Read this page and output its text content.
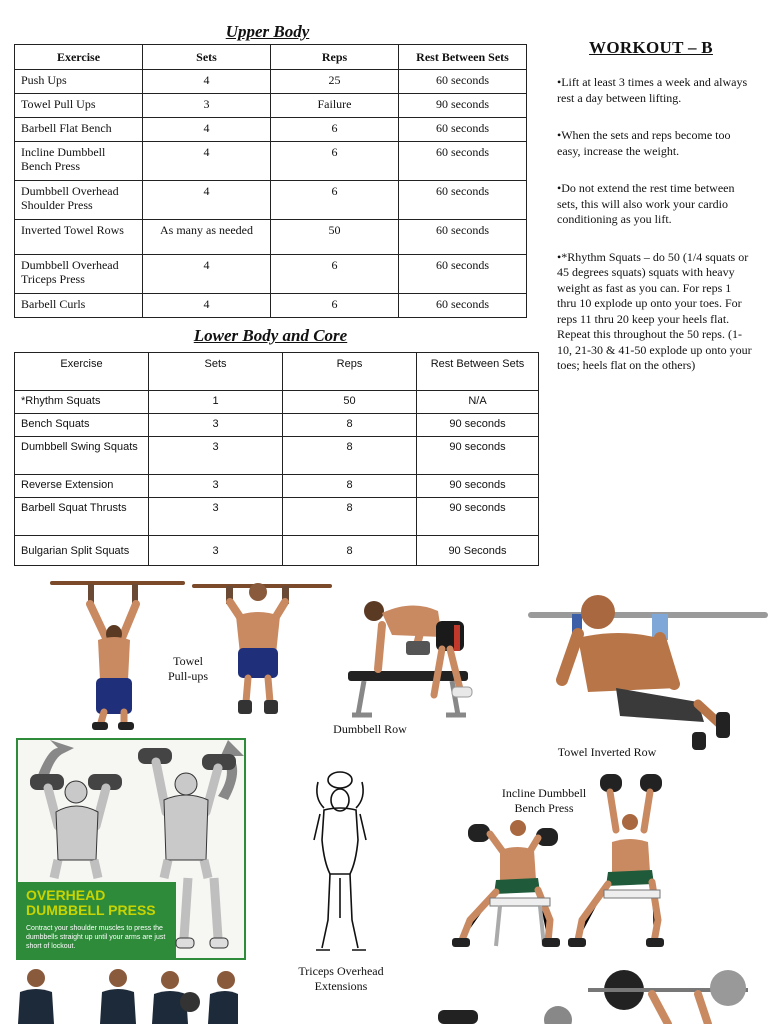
Upper Body
Exercise	Sets	Reps	Rest Between Sets
Push Ups	4	25	60 seconds
Towel Pull Ups	3	Failure	90 seconds
Barbell Flat Bench	4	6	60 seconds
Incline Dumbbell Bench Press	4	6	60 seconds
Dumbbell Overhead Shoulder Press	4	6	60 seconds
Inverted Towel Rows	As many as needed	50	60 seconds
Dumbbell Overhead Triceps Press	4	6	60 seconds
Barbell Curls	4	6	60 seconds
Lower Body and Core
Exercise	Sets	Reps	Rest Between Sets
*Rhythm Squats	1	50	N/A
Bench Squats	3	8	90 seconds
Dumbbell Swing Squats	3	8	90 seconds
Reverse Extension	3	8	90 seconds
Barbell Squat Thrusts	3	8	90 seconds
Bulgarian Split Squats	3	8	90 Seconds
WORKOUT – B

•Lift at least 3 times a week and always rest a day between lifting.

•When the sets and reps become too easy, increase the weight.

•Do not extend the rest time between sets, this will also work your cardio conditioning as you lift.

•*Rhythm Squats – do 50 (1/4 squats or 45 degrees squats) squats with heavy weight as fast as you can. For reps 1 thru 10 explode up onto your toes. For reps 11 thru 20 keep your heels flat. Repeat this throughout the 50 reps. (1-10, 21-30 & 41-50 explode up onto your toes; heels flat on the others)

Towel
Pull-ups
Dumbbell Row
Towel Inverted Row
OVERHEAD
DUMBBELL PRESS
Contract your shoulder muscles to press the dumbbells straight up until your arms are just short of lockout.
Triceps Overhead
Extensions
Incline Dumbbell
Bench Press
